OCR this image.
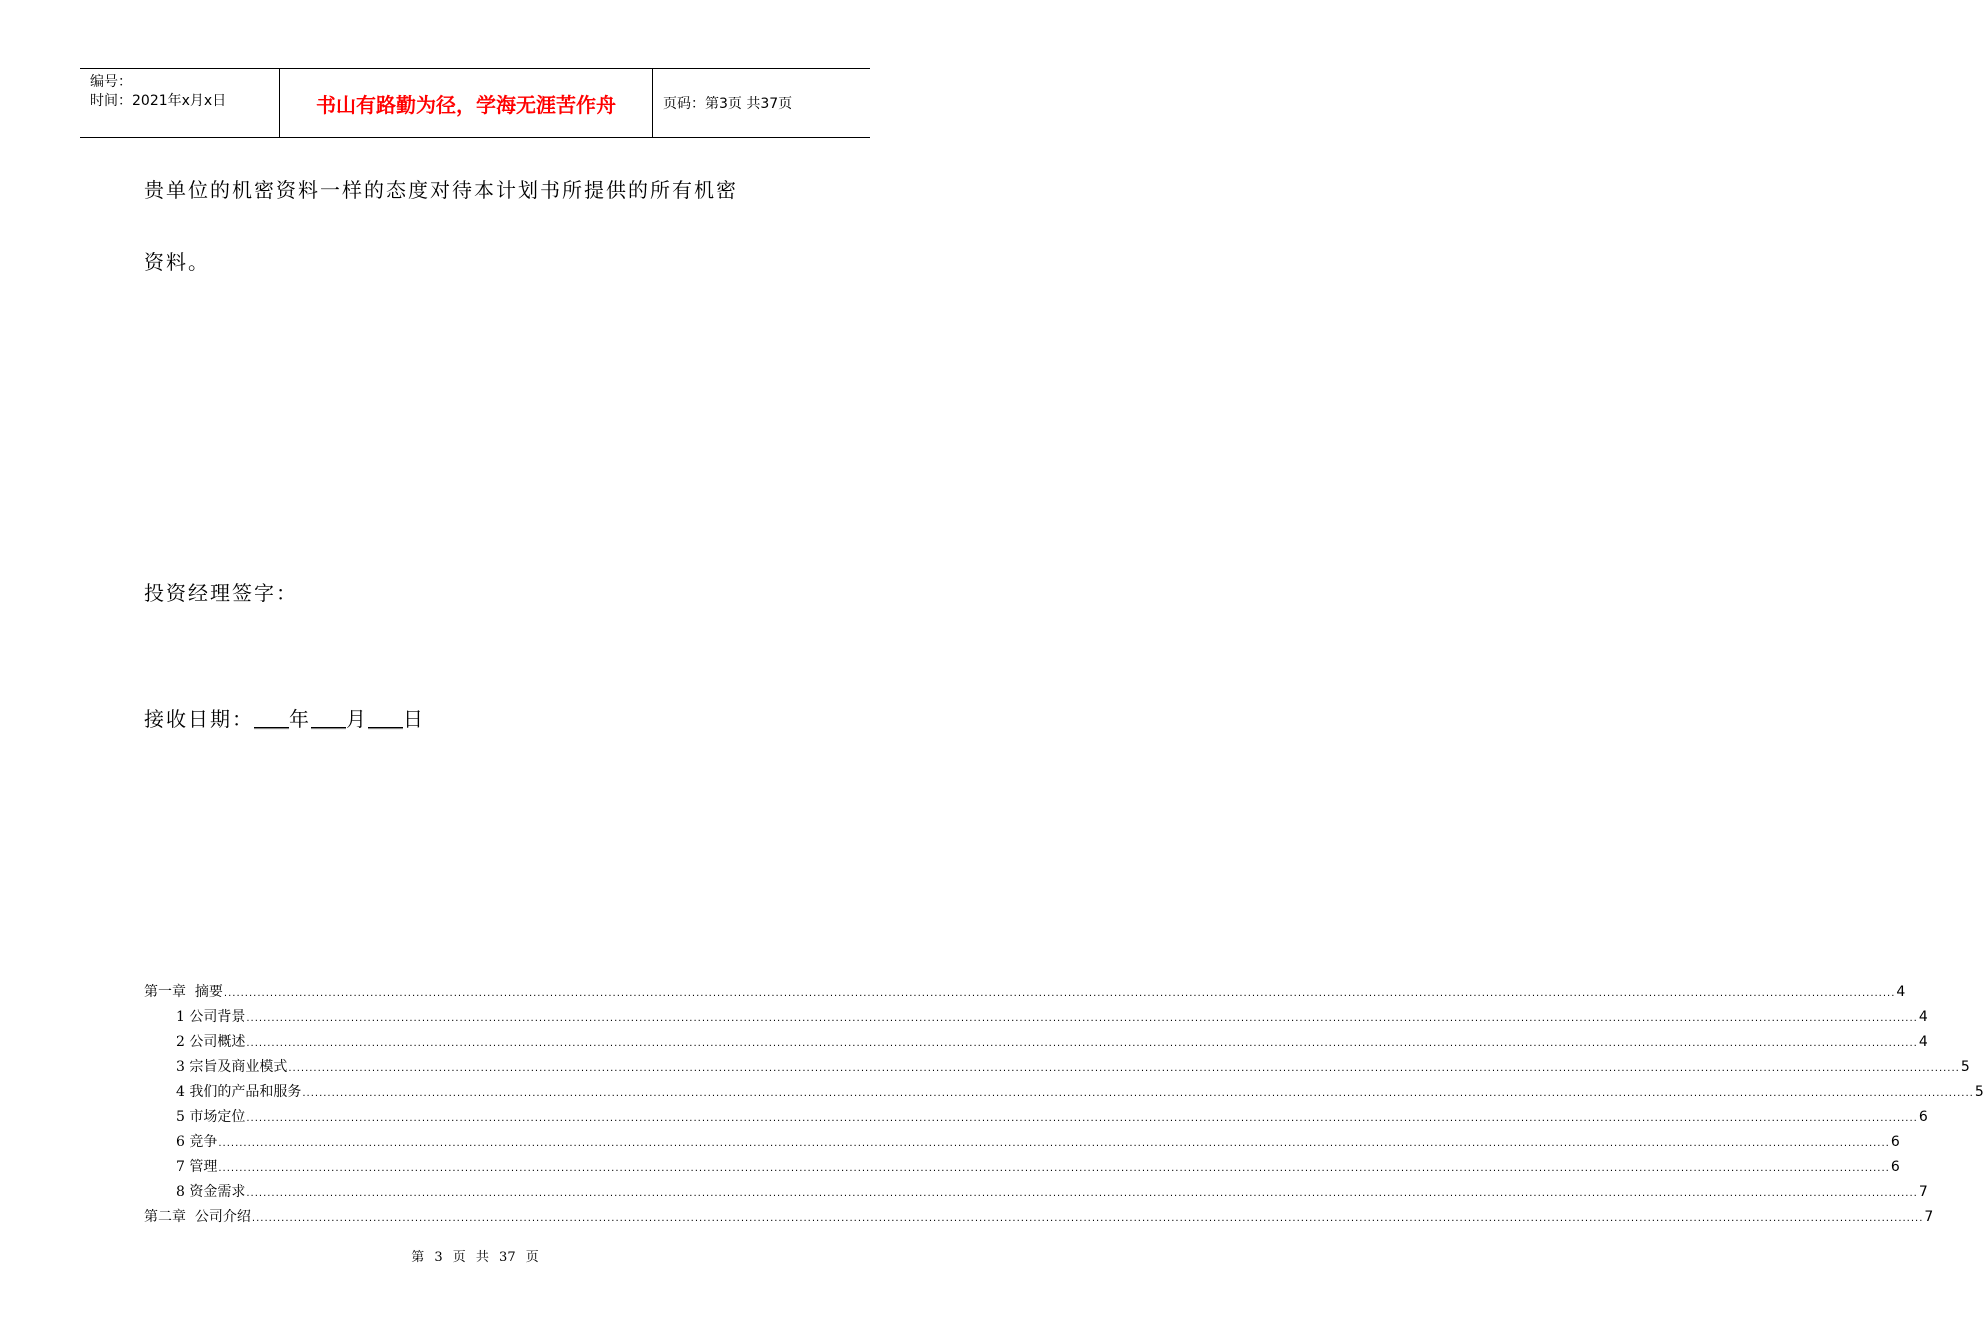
编号：
时间：2021年x月x日	书山有路勤为径，学海无涯苦作舟	页码：第3页 共37页
贵单位的机密资料一样的态度对待本计划书所提供的所有机密
资料。
投资经理签字：
接收日期：_____年_____月_____日
第一章  摘要 ................................................................................................................................................................................................................................................................................................................................................................................................................ 4
1 公司背景 ................................................................................................................................................................................................................................................................................................................................................................................................................ 4
2 公司概述 ................................................................................................................................................................................................................................................................................................................................................................................................................ 4
3 宗旨及商业模式 ................................................................................................................................................................................................................................................................................................................................................................................................................ 5
4 我们的产品和服务 ................................................................................................................................................................................................................................................................................................................................................................................................................ 5
5 市场定位 ................................................................................................................................................................................................................................................................................................................................................................................................................ 6
6 竞争 ................................................................................................................................................................................................................................................................................................................................................................................................................ 6
7 管理 ................................................................................................................................................................................................................................................................................................................................................................................................................ 6
8 资金需求 ................................................................................................................................................................................................................................................................................................................................................................................................................ 7
第二章  公司介绍 ................................................................................................................................................................................................................................................................................................................................................................................................................ 7
第 3 页 共 37 页
